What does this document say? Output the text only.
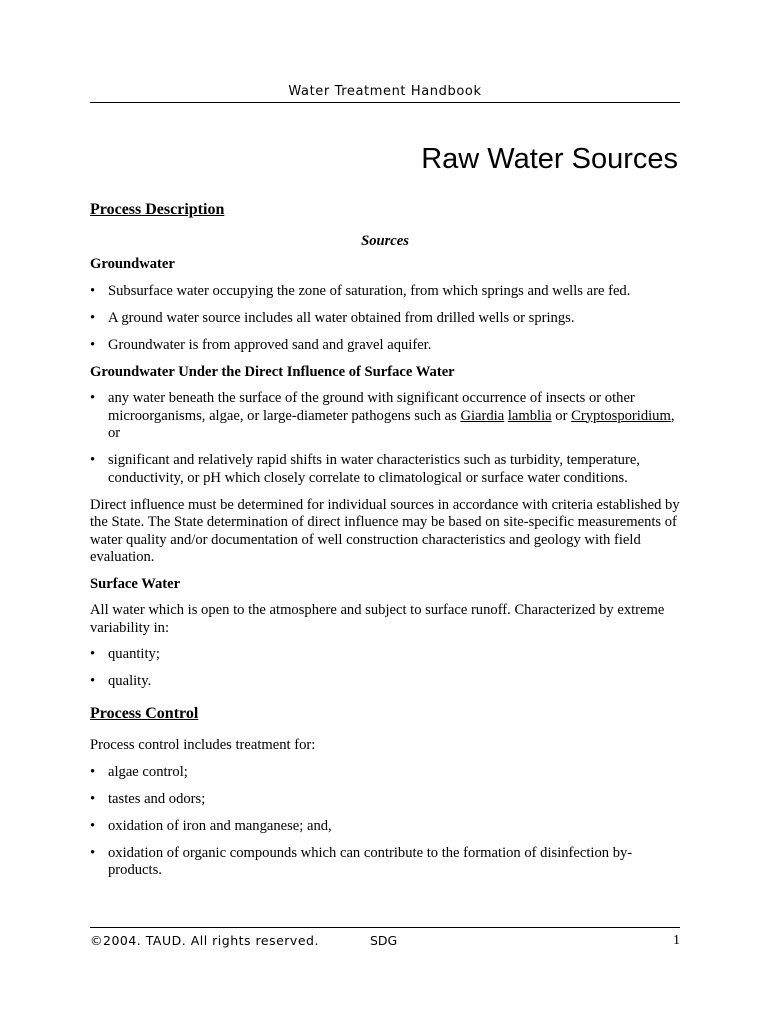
Water Treatment Handbook
Raw Water Sources
Process Description
Sources
Groundwater
• Subsurface water occupying the zone of saturation, from which springs and wells are fed.
• A ground water source includes all water obtained from drilled wells or springs.
• Groundwater is from approved sand and gravel aquifer.
Groundwater Under the Direct Influence of Surface Water
• any water beneath the surface of the ground with significant occurrence of insects or other microorganisms, algae, or large-diameter pathogens such as Giardia lamblia or Cryptosporidium, or
• significant and relatively rapid shifts in water characteristics such as turbidity, temperature, conductivity, or pH which closely correlate to climatological or surface water conditions.

Direct influence must be determined for individual sources in accordance with criteria established by the State. The State determination of direct influence may be based on site-specific measurements of water quality and/or documentation of well construction characteristics and geology with field evaluation.

Surface Water

All water which is open to the atmosphere and subject to surface runoff. Characterized by extreme variability in:

• quantity;
• quality.
Process Control

Process control includes treatment for:

• algae control;
• tastes and odors;
• oxidation of iron and manganese; and,
• oxidation of organic compounds which can contribute to the formation of disinfection by-products.
©2004. TAUD. All rights reserved.	SDG	1
